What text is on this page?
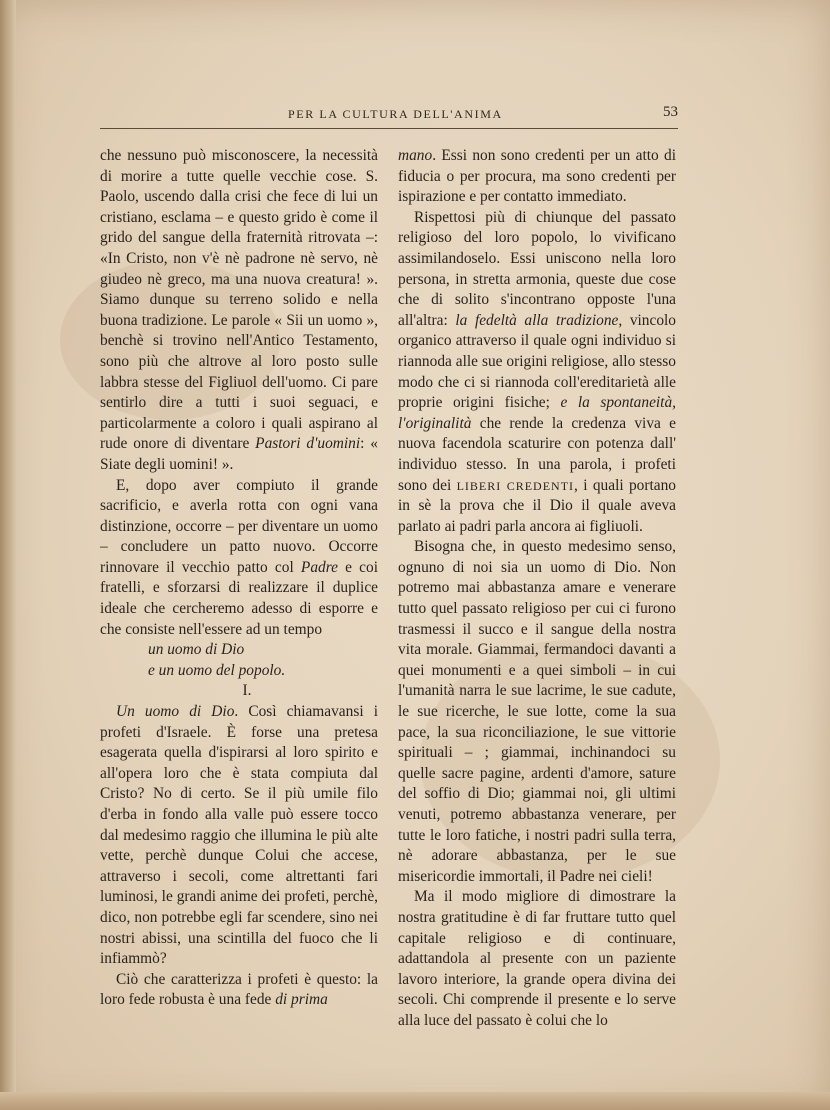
PER LA CULTURA DELL'ANIMA	53

che nessuno può misconoscere, la necessità di morire a tutte quelle vecchie cose. S. Paolo, uscendo dalla crisi che fece di lui un cristiano, esclama – e questo grido è come il grido del sangue della fraternità ritrovata –: «In Cristo, non v'è nè padrone nè servo, nè giudeo nè greco, ma una nuova creatura! ». Siamo dunque su terreno solido e nella buona tradizione. Le parole « Sii un uomo », benchè si trovino nell'Antico Testamento, sono più che altrove al loro posto sulle labbra stesse del Figliuol dell'uomo. Ci pare sentirlo dire a tutti i suoi seguaci, e particolarmente a coloro i quali aspirano al rude onore di diventare Pastori d'uomini: « Siate degli uomini! ».

E, dopo aver compiuto il grande sacrificio, e averla rotta con ogni vana distinzione, occorre – per diventare un uomo – concludere un patto nuovo. Occorre rinnovare il vecchio patto col Padre e coi fratelli, e sforzarsi di realizzare il duplice ideale che cercheremo adesso di esporre e che consiste nell'essere ad un tempo

un uomo di Dio

e un uomo del popolo.

I.

Un uomo di Dio. Così chiamavansi i profeti d'Israele. È forse una pretesa esagerata quella d'ispirarsi al loro spirito e all'opera loro che è stata compiuta dal Cristo? No di certo. Se il più umile filo d'erba in fondo alla valle può essere tocco dal medesimo raggio che illumina le più alte vette, perchè dunque Colui che accese, attraverso i secoli, come altrettanti fari luminosi, le grandi anime dei profeti, perchè, dico, non potrebbe egli far scendere, sino nei nostri abissi, una scintilla del fuoco che li infiammò?

Ciò che caratterizza i profeti è questo: la loro fede robusta è una fede di prima

mano. Essi non sono credenti per un atto di fiducia o per procura, ma sono credenti per ispirazione e per contatto immediato.

Rispettosi più di chiunque del passato religioso del loro popolo, lo vivificano assimilandoselo. Essi uniscono nella loro persona, in stretta armonia, queste due cose che di solito s'incontrano opposte l'una all'altra: la fedeltà alla tradizione, vincolo organico attraverso il quale ogni individuo si riannoda alle sue origini religiose, allo stesso modo che ci si riannoda coll'ereditarietà alle proprie origini fisiche; e la spontaneità, l'originalità che rende la credenza viva e nuova facendola scaturire con potenza dall' individuo stesso. In una parola, i profeti sono dei LIBERI CREDENTI, i quali portano in sè la prova che il Dio il quale aveva parlato ai padri parla ancora ai figliuoli.

Bisogna che, in questo medesimo senso, ognuno di noi sia un uomo di Dio. Non potremo mai abbastanza amare e venerare tutto quel passato religioso per cui ci furono trasmessi il succo e il sangue della nostra vita morale. Giammai, fermandoci davanti a quei monumenti e a quei simboli – in cui l'umanità narra le sue lacrime, le sue cadute, le sue ricerche, le sue lotte, come la sua pace, la sua riconciliazione, le sue vittorie spirituali – ; giammai, inchinandoci su quelle sacre pagine, ardenti d'amore, sature del soffio di Dio; giammai noi, gli ultimi venuti, potremo abbastanza venerare, per tutte le loro fatiche, i nostri padri sulla terra, nè adorare abbastanza, per le sue misericordie immortali, il Padre nei cieli!

Ma il modo migliore di dimostrare la nostra gratitudine è di far fruttare tutto quel capitale religioso e di continuare, adattandola al presente con un paziente lavoro interiore, la grande opera divina dei secoli. Chi comprende il presente e lo serve alla luce del passato è colui che lo
